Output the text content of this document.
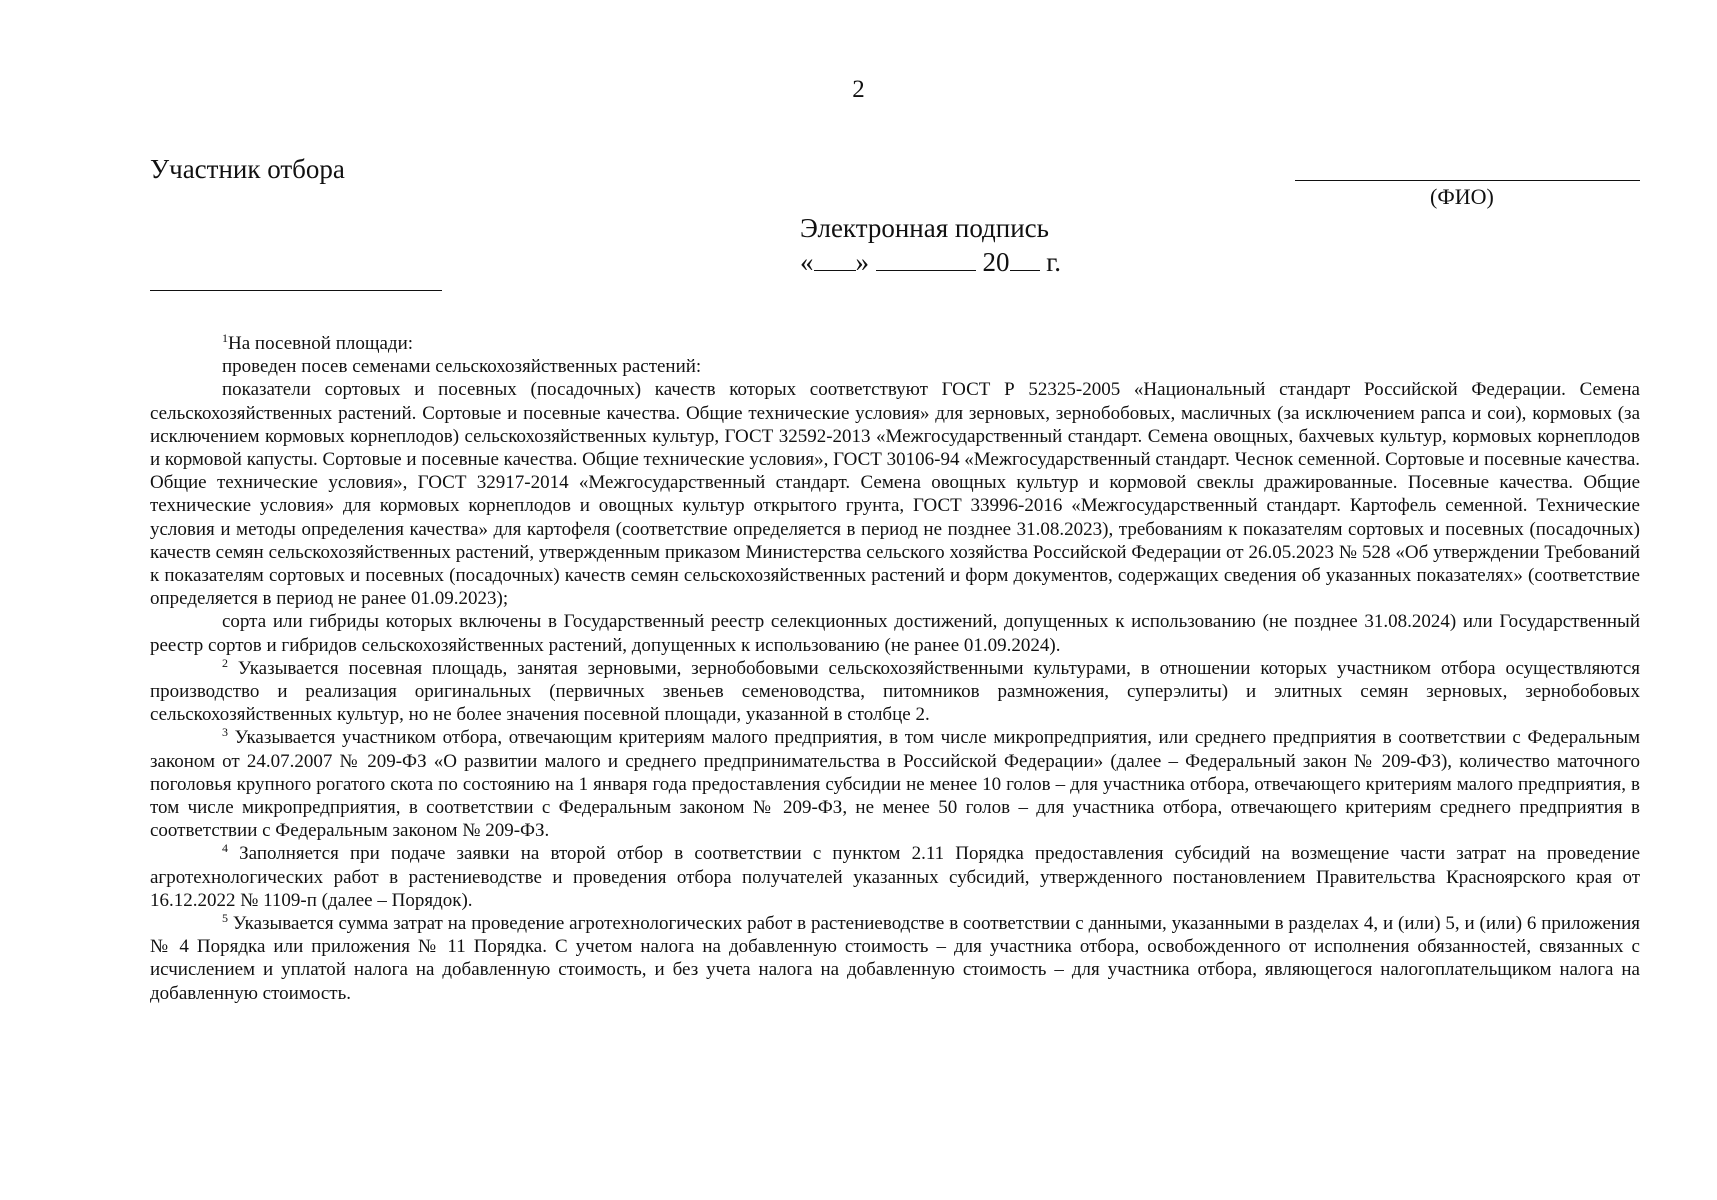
2
Участник отбора
(ФИО)
Электронная подпись
« »	20 г.

$^1$На посевной площади:

проведен посев семенами сельскохозяйственных растений:

показатели сортовых и посевных (посадочных) качеств которых соответствуют ГОСТ Р 52325-2005 «Национальный стандарт Российской Федерации. Семена сельскохозяйственных растений. Сортовые и посевные качества. Общие технические условия» для зерновых, зернобобовых, масличных (за исключением рапса и сои), кормовых (за исключением кормовых корнеплодов) сельскохозяйственных культур, ГОСТ 32592-2013 «Межгосударственный стандарт. Семена овощных, бахчевых культур, кормовых корнеплодов и кормовой капусты. Сортовые и посевные качества. Общие технические условия», ГОСТ 30106-94 «Межгосударственный стандарт. Чеснок семенной. Сортовые и посевные качества. Общие технические условия», ГОСТ 32917-2014 «Межгосударственный стандарт. Семена овощных культур и кормовой свеклы дражированные. Посевные качества. Общие технические условия» для кормовых корнеплодов и овощных культур открытого грунта, ГОСТ 33996-2016 «Межгосударственный стандарт. Картофель семенной. Технические условия и методы определения качества» для картофеля (соответствие определяется в период не позднее 31.08.2023), требованиям к показателям сортовых и посевных (посадочных) качеств семян сельскохозяйственных растений, утвержденным приказом Министерства сельского хозяйства Российской Федерации от 26.05.2023 № 528 «Об утверждении Требований к показателям сортовых и посевных (посадочных) качеств семян сельскохозяйственных растений и форм документов, содержащих сведения об указанных показателях» (соответствие определяется в период не ранее 01.09.2023);

сорта или гибриды которых включены в Государственный реестр селекционных достижений, допущенных к использованию (не позднее 31.08.2024) или Государственный реестр сортов и гибридов сельскохозяйственных растений, допущенных к использованию (не ранее 01.09.2024).

$^2$ Указывается посевная площадь, занятая зерновыми, зернобобовыми сельскохозяйственными культурами, в отношении которых участником отбора осуществляются производство и реализация оригинальных (первичных звеньев семеноводства, питомников размножения, суперэлиты) и элитных семян зерновых, зернобобовых сельскохозяйственных культур, но не более значения посевной площади, указанной в столбце 2.

$^3$ Указывается участником отбора, отвечающим критериям малого предприятия, в том числе микропредприятия, или среднего предприятия в соответствии с Федеральным законом от 24.07.2007 № 209-ФЗ «О развитии малого и среднего предпринимательства в Российской Федерации» (далее – Федеральный закон № 209-ФЗ), количество маточного поголовья крупного рогатого скота по состоянию на 1 января года предоставления субсидии не менее 10 голов – для участника отбора, отвечающего критериям малого предприятия, в том числе микропредприятия, в соответствии с Федеральным законом № 209-ФЗ, не менее 50 голов – для участника отбора, отвечающего критериям среднего предприятия в соответствии с Федеральным законом № 209-ФЗ.

$^4$ Заполняется при подаче заявки на второй отбор в соответствии с пунктом 2.11 Порядка предоставления субсидий на возмещение части затрат на проведение агротехнологических работ в растениеводстве и проведения отбора получателей указанных субсидий, утвержденного постановлением Правительства Красноярского края от 16.12.2022 № 1109-п (далее – Порядок).

$^5$ Указывается сумма затрат на проведение агротехнологических работ в растениеводстве в соответствии с данными, указанными в разделах 4, и (или) 5, и (или) 6 приложения № 4 Порядка или приложения № 11 Порядка. С учетом налога на добавленную стоимость – для участника отбора, освобожденного от исполнения обязанностей, связанных с исчислением и уплатой налога на добавленную стоимость, и без учета налога на добавленную стоимость – для участника отбора, являющегося налогоплательщиком налога на добавленную стоимость.
